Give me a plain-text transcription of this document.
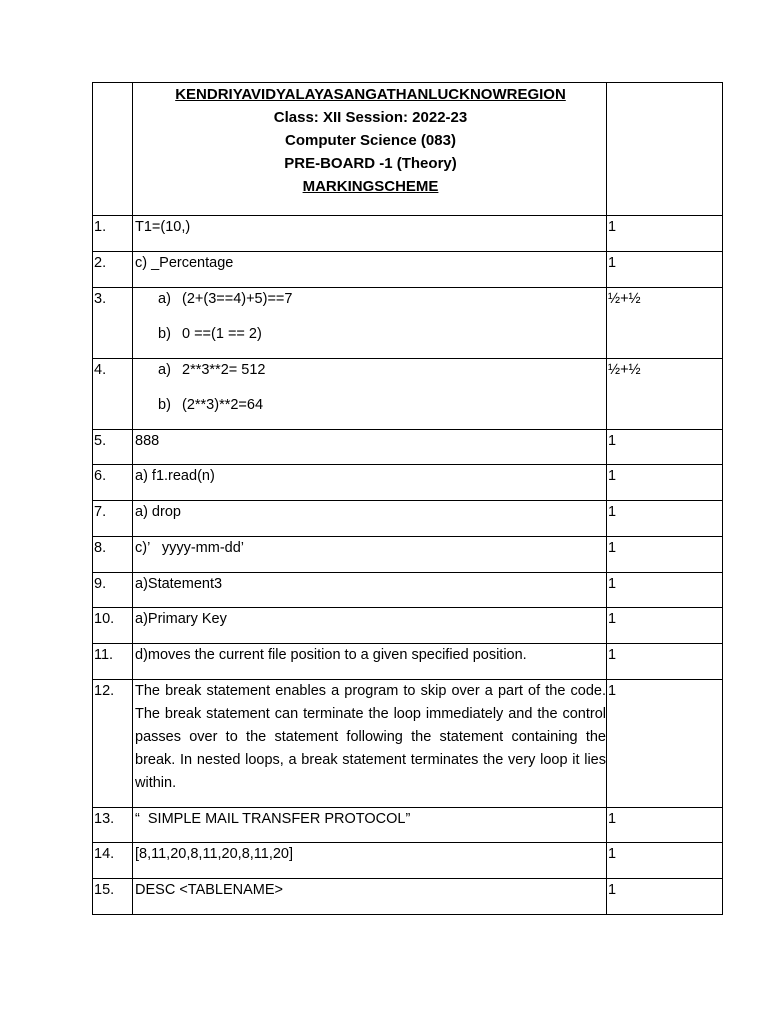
	KENDRIYAVIDYALAYASANGATHANLUCKNOWREGION
Class: XII Session: 2022-23
Computer Science (083)
PRE-BOARD -1 (Theory)
MARKINGSCHEME	

1.	T1=(10,)	1
2.	c) _Percentage	1
3.	a) (2+(3==4)+5)==7
b) 0 ==(1 == 2)	½+½
4.	a) 2**3**2= 512
b) (2**3)**2=64	½+½
5.	888	1
6.	a) f1.read(n)	1
7.	a) drop	1
8.	c)’   yyyy-mm-dd’	1
9.	a)Statement3	1
10.	a)Primary Key	1
11.	d)moves the current file position to a given specified position.	1
12.	The break statement enables a program to skip over a part of the code.
The break statement can terminate the loop immediately and the control
passes over to the statement following the statement containing the
break. In nested loops, a break statement terminates the very loop it lies
within.	1
13.	“  SIMPLE MAIL TRANSFER PROTOCOL”	1
14.	[8,11,20,8,11,20,8,11,20]	1
15.	DESC <TABLENAME>	1
